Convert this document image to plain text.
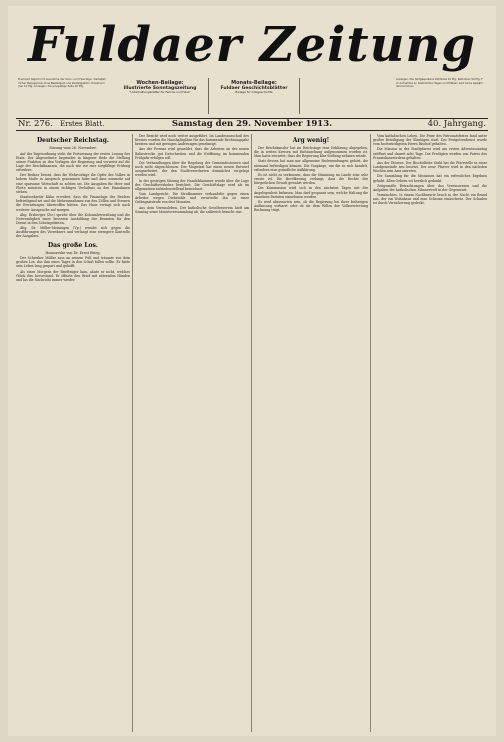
Fuldaer Zeitung
Erscheint täglich mit Ausnahme der Sonn- und Feiertage. Vierteljährlicher Bezugspreis ohne Bestellgeld und Zustellgebühr. Einzelnummer 10 Pfg. Anzeigen: die einspaltige Zeile 20 Pfg.
Wochen-Beilage:
Illustrierte Sonntagszeitung
"Unterhaltungsblätter für Familie und Haus"
Monats-Beilage:
Fuldaer Geschichtsblätter
Beilage für Ortsgeschichte
Anzeigen: Die fünfgespaltene Petitzeile 20 Pfg. Reklamen 50 Pfg. Für Aufnahme an bestimmten Tagen und Plätzen wird keine Gewähr übernommen.
Nr. 276. Erstes Blatt.	Samstag den 29. November 1913.	40. Jahrgang.
Deutscher Reichstag.
Sitzung vom 28. November.

Auf der Tagesordnung steht die Fortsetzung der ersten Lesung des Etats. Der Abgeordnete begründet in längerer Rede die Stellung seiner Fraktion zu den Vorlagen der Regierung und verweist auf die Lage der Reichsfinanzen, die nach wie vor eine sorgfältige Prüfung erfordere.

Der Redner betont, dass die Wehrvorlage die Opfer des Volkes in hohem Maße in Anspruch genommen habe und dass nunmehr auf eine sparsame Wirtschaft zu achten sei. Die Ausgaben für Heer und Flotte müssten in einem richtigen Verhältnis zu den Einnahmen stehen.

Staatssekretär Kühn erwidert, dass die Finanzlage des Reiches befriedigend sei und die Mehreinnahmen aus den Zöllen und Steuern die Erwartungen übertroffen hätten. Das Haus vertagt sich nach weiterer Aussprache auf morgen.

Abg. Erzberger (Ztr.) spricht über die Kolonialverwaltung und die Notwendigkeit einer besseren Ausbildung der Beamten für den Dienst in den Schutzgebieten.

Abg. Dr. Müller-Meiningen (Vp.) wendet sich gegen die Ausführungen des Vorredners und verlangt eine strengere Kontrolle der Ausgaben.

Das große Los.
Humoreske von Dr. Ernst Brieg.

Der Schreiber Müller sass an seinem Pult und träumte von dem großen Los, das ihm eines Tages in den Schoß fallen sollte. Er hatte sein Leben lang gespart und gehofft.

Als eines Morgens der Briefträger kam, ahnte er nicht, welches Glück ihm bevorstand. Er öffnete den Brief mit zitternden Händen und las die Nachricht immer wieder.

Der Bericht wird noch weiter ausgeführt. Im Landesausschuß des Kreises wurden die Haushaltspläne für das kommende Rechnungsjahr beraten und mit geringen Änderungen genehmigt.

Aus der Provinz wird gemeldet, dass die Arbeiten an der neuen Bahnstrecke gut fortschreiten und die Eröffnung im kommenden Frühjahr erfolgen soll.

Die Verhandlungen über die Regelung der Gemeindesteuern sind noch nicht abgeschlossen. Der Magistrat hat einen neuen Entwurf ausgearbeitet, der den Stadtverordneten demnächst vorgelegt werden wird.

In der gestrigen Sitzung der Handelskammer wurde über die Lage des Geschäftsverkehrs berichtet. Die Geschäftslage wird als im allgemeinen zufriedenstellend bezeichnet.

Vom Landgericht. Die Strafkammer verhandelte gegen einen Arbeiter wegen Diebstahls und verurteilte ihn zu einer Gefängnisstrafe von drei Monaten.

Aus dem Vereinsleben. Der katholische Gesellenverein hielt am Sonntag seine Monatsversammlung ab, die zahlreich besucht war.

Arg wenig!

Der Reichskanzler hat im Reichstage eine Erklärung abgegeben, die in weiten Kreisen mit Enttäuschung aufgenommen worden ist. Man hatte erwartet, dass die Regierung klar Stellung nehmen würde.

Statt dessen hat man nur allgemeine Redewendungen gehört, die niemand befriedigen können. Die Vorgänge, um die es sich handelt, erfordern eine gründliche Aufklärung.

Es ist nicht zu verkennen, dass die Stimmung im Lande eine sehr ernste ist. Die Bevölkerung verlangt, dass die Rechte der bürgerlichen Gewalt gewahrt werden.

Die Kommission wird sich in den nächsten Tagen mit der Angelegenheit befassen. Man darf gespannt sein, welche Haltung die einzelnen Parteien einnehmen werden.

Es wird abzuwarten sein, ob die Regierung bei ihrer bisherigen Auffassung verharrt oder ob sie dem Willen der Volksvertretung Rechnung trägt.

Vom katholischen Leben. Die Feier des Patronatsfestes fand unter großer Beteiligung der Gläubigen statt. Der Festgottesdienst wurde vom hochwürdigsten Herrn Bischof gehalten.

Die Mission in der Stadtpfarrei wird am ersten Adventssonntag eröffnet und dauert acht Tage. Die Predigten werden von Patres des Franziskanerordens gehalten.

Aus der Diözese. Der Bischöfliche Stuhl hat die Pfarrstelle in einer Landgemeinde neu besetzt. Der neue Pfarrer wird in den nächsten Wochen sein Amt antreten.

Die Sammlung für die Missionen hat ein erfreuliches Ergebnis gehabt. Allen Gebern sei herzlich gedankt.

Zeitgemäße Betrachtungen über das Vereinswesen und die Aufgaben der katholischen Männerwelt in der Gegenwart.

Vermischtes. In einem Nachbarorte brach in der Nacht ein Brand aus, der ein Wohnhaus und eine Scheune einäscherte. Der Schaden ist durch Versicherung gedeckt.
